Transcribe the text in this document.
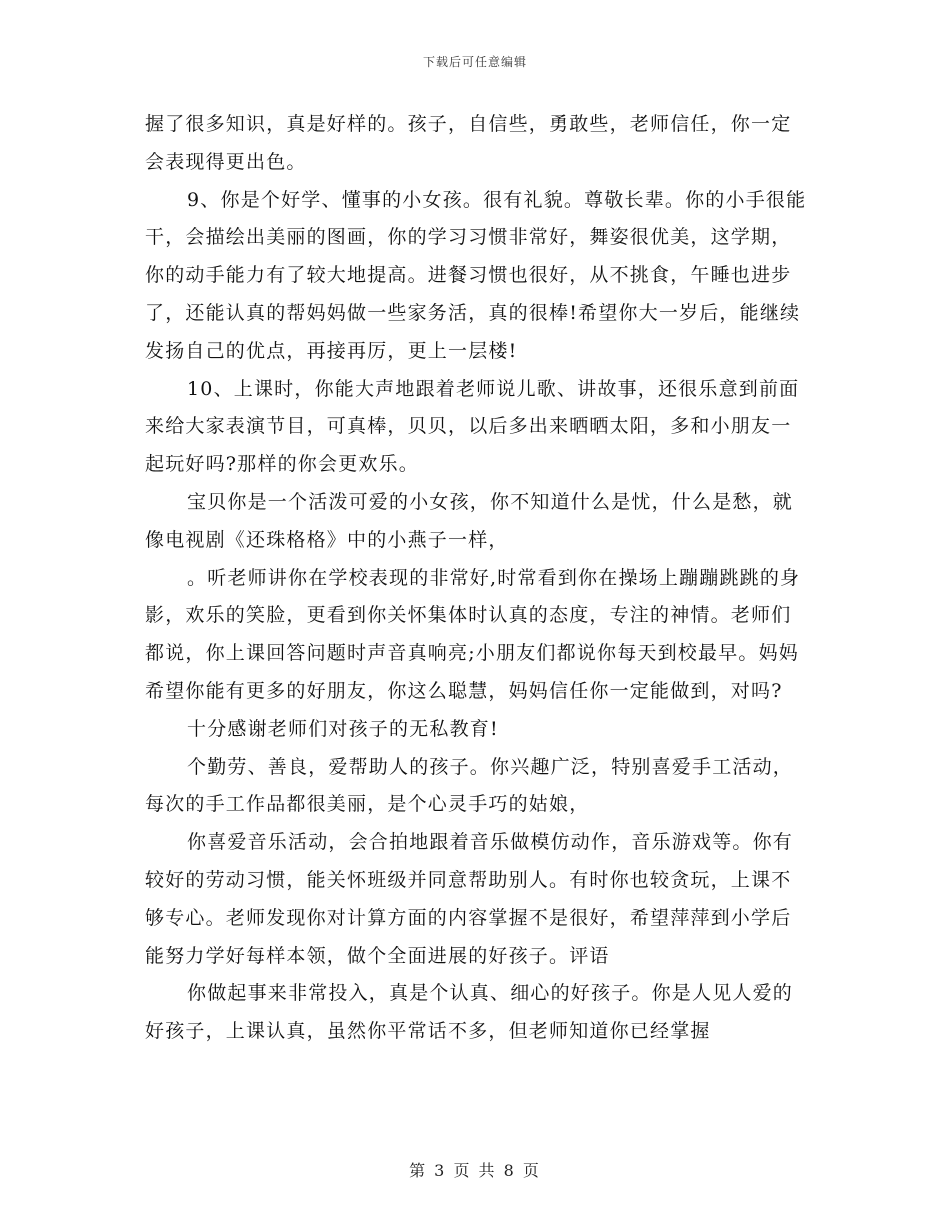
下载后可任意编辑

握了很多知识，真是好样的。孩子，自信些，勇敢些，老师信任，你一定会表现得更出色。

9、你是个好学、懂事的小女孩。很有礼貌。尊敬长辈。你的小手很能干，会描绘出美丽的图画，你的学习习惯非常好，舞姿很优美，这学期，你的动手能力有了较大地提高。进餐习惯也很好，从不挑食，午睡也进步了，还能认真的帮妈妈做一些家务活，真的很棒!希望你大一岁后，能继续发扬自己的优点，再接再厉，更上一层楼!

10、上课时，你能大声地跟着老师说儿歌、讲故事，还很乐意到前面来给大家表演节目，可真棒，贝贝，以后多出来晒晒太阳，多和小朋友一起玩好吗?那样的你会更欢乐。

宝贝你是一个活泼可爱的小女孩，你不知道什么是忧，什么是愁，就像电视剧《还珠格格》中的小燕子一样，

。听老师讲你在学校表现的非常好,时常看到你在操场上蹦蹦跳跳的身影，欢乐的笑脸，更看到你关怀集体时认真的态度，专注的神情。老师们都说，你上课回答问题时声音真响亮;小朋友们都说你每天到校最早。妈妈希望你能有更多的好朋友，你这么聪慧，妈妈信任你一定能做到，对吗?

十分感谢老师们对孩子的无私教育!

个勤劳、善良，爱帮助人的孩子。你兴趣广泛，特别喜爱手工活动，每次的手工作品都很美丽，是个心灵手巧的姑娘，

你喜爱音乐活动，会合拍地跟着音乐做模仿动作，音乐游戏等。你有较好的劳动习惯，能关怀班级并同意帮助别人。有时你也较贪玩，上课不够专心。老师发现你对计算方面的内容掌握不是很好，希望萍萍到小学后能努力学好每样本领，做个全面进展的好孩子。评语

你做起事来非常投入，真是个认真、细心的好孩子。你是人见人爱的好孩子，上课认真，虽然你平常话不多，但老师知道你已经掌握

第 3 页 共 8 页
